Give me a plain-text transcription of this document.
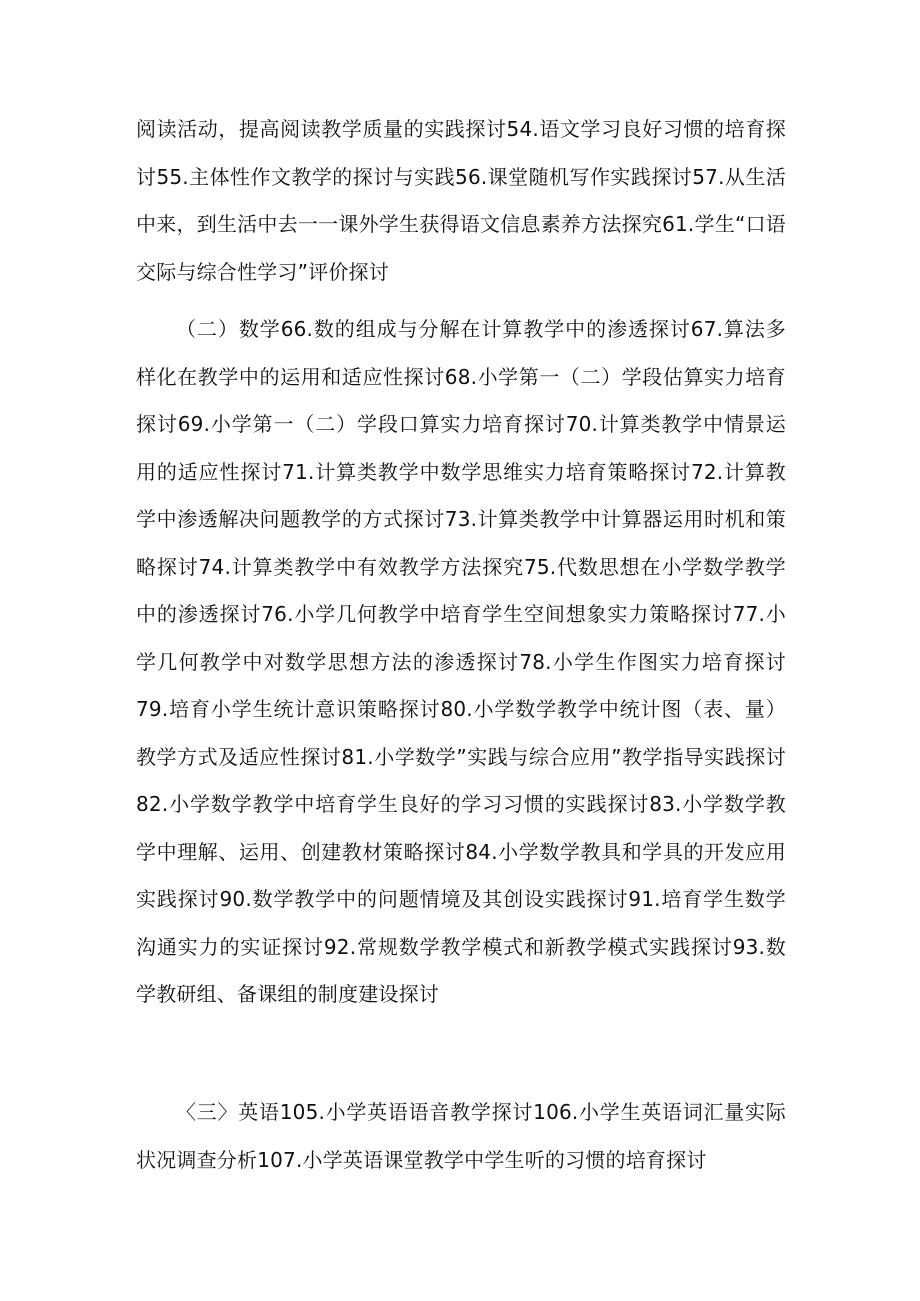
阅读活动，提高阅读教学质量的实践探讨54.语文学习良好习惯的培育探讨55.主体性作文教学的探讨与实践56.课堂随机写作实践探讨57.从生活中来，到生活中去一一课外学生获得语文信息素养方法探究61.学生“口语交际与综合性学习”评价探讨

（二）数学66.数的组成与分解在计算教学中的渗透探讨67.算法多样化在教学中的运用和适应性探讨68.小学第一（二）学段估算实力培育探讨69.小学第一（二）学段口算实力培育探讨70.计算类教学中情景运用的适应性探讨71.计算类教学中数学思维实力培育策略探讨72.计算教学中渗透解决问题教学的方式探讨73.计算类教学中计算器运用时机和策略探讨74.计算类教学中有效教学方法探究75.代数思想在小学数学教学中的渗透探讨76.小学几何教学中培育学生空间想象实力策略探讨77.小学几何教学中对数学思想方法的渗透探讨78.小学生作图实力培育探讨79.培育小学生统计意识策略探讨80.小学数学教学中统计图（表、量）教学方式及适应性探讨81.小学数学”实践与综合应用”教学指导实践探讨82.小学数学教学中培育学生良好的学习习惯的实践探讨83.小学数学教学中理解、运用、创建教材策略探讨84.小学数学教具和学具的开发应用实践探讨90.数学教学中的问题情境及其创设实践探讨91.培育学生数学沟通实力的实证探讨92.常规数学教学模式和新教学模式实践探讨93.数学教研组、备课组的制度建设探讨

〈三〉英语105.小学英语语音教学探讨106.小学生英语词汇量实际状况调查分析107.小学英语课堂教学中学生听的习惯的培育探讨
